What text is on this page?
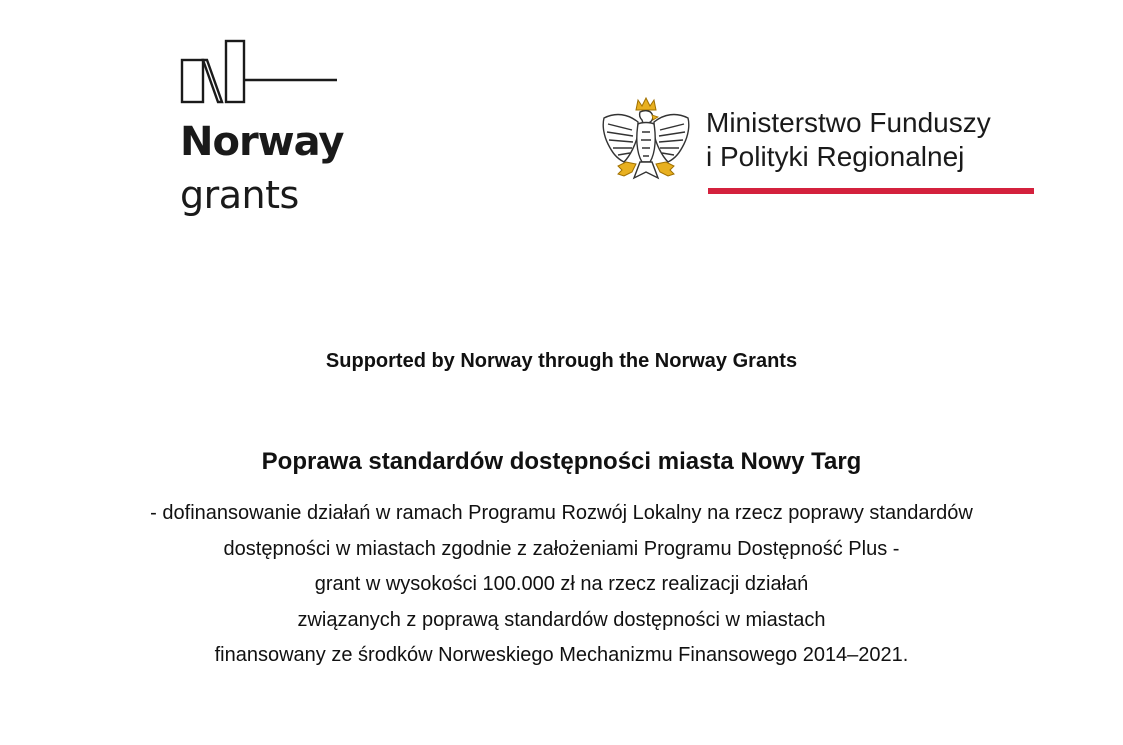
Norway
grants
Ministerstwo Funduszy
i Polityki Regionalnej
Supported by Norway through the Norway Grants
Poprawa standardów dostępności miasta Nowy Targ
- dofinansowanie działań w ramach Programu Rozwój Lokalny na rzecz poprawy standardów
dostępności w miastach zgodnie z założeniami Programu Dostępność Plus -
grant w wysokości 100.000 zł na rzecz realizacji działań
związanych z poprawą standardów dostępności w miastach
finansowany ze środków Norweskiego Mechanizmu Finansowego 2014–2021.
